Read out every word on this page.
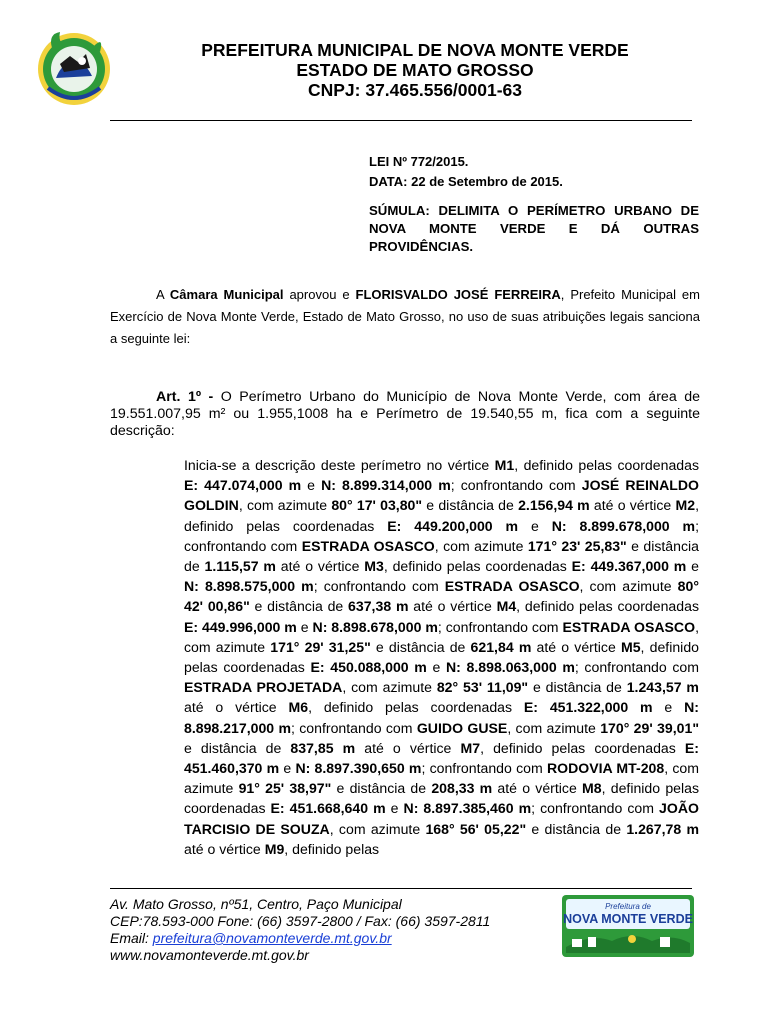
PREFEITURA MUNICIPAL DE NOVA MONTE VERDE
ESTADO DE MATO GROSSO
CNPJ: 37.465.556/0001-63
LEI Nº 772/2015.
DATA: 22 de Setembro de 2015.
SÚMULA: DELIMITA O PERÍMETRO URBANO DE NOVA MONTE VERDE E DÁ OUTRAS PROVIDÊNCIAS.
A Câmara Municipal aprovou e FLORISVALDO JOSÉ FERREIRA, Prefeito Municipal em Exercício de Nova Monte Verde, Estado de Mato Grosso, no uso de suas atribuições legais sanciona a seguinte lei:
Art. 1º - O Perímetro Urbano do Município de Nova Monte Verde, com área de 19.551.007,95 m² ou 1.955,1008 ha e Perímetro de 19.540,55 m, fica com a seguinte descrição:
Inicia-se a descrição deste perímetro no vértice M1, definido pelas coordenadas E: 447.074,000 m e N: 8.899.314,000 m; confrontando com JOSÉ REINALDO GOLDIN, com azimute 80° 17' 03,80" e distância de 2.156,94 m até o vértice M2, definido pelas coordenadas E: 449.200,000 m e N: 8.899.678,000 m; confrontando com ESTRADA OSASCO, com azimute 171° 23' 25,83" e distância de 1.115,57 m até o vértice M3, definido pelas coordenadas E: 449.367,000 m e N: 8.898.575,000 m; confrontando com ESTRADA OSASCO, com azimute 80° 42' 00,86" e distância de 637,38 m até o vértice M4, definido pelas coordenadas E: 449.996,000 m e N: 8.898.678,000 m; confrontando com ESTRADA OSASCO, com azimute 171° 29' 31,25" e distância de 621,84 m até o vértice M5, definido pelas coordenadas E: 450.088,000 m e N: 8.898.063,000 m; confrontando com ESTRADA PROJETADA, com azimute 82° 53' 11,09" e distância de 1.243,57 m até o vértice M6, definido pelas coordenadas E: 451.322,000 m e N: 8.898.217,000 m; confrontando com GUIDO GUSE, com azimute 170° 29' 39,01" e distância de 837,85 m até o vértice M7, definido pelas coordenadas E: 451.460,370 m e N: 8.897.390,650 m; confrontando com RODOVIA MT-208, com azimute 91° 25' 38,97" e distância de 208,33 m até o vértice M8, definido pelas coordenadas E: 451.668,640 m e N: 8.897.385,460 m; confrontando com JOÃO TARCISIO DE SOUZA, com azimute 168° 56' 05,22" e distância de 1.267,78 m até o vértice M9, definido pelas
Av. Mato Grosso, nº51, Centro, Paço Municipal
CEP:78.593-000 Fone: (66) 3597-2800 / Fax: (66) 3597-2811
Email: prefeitura@novamonteverde.mt.gov.br
www.novamonteverde.mt.gov.br
Prefeitura de
NOVA MONTE VERDE
